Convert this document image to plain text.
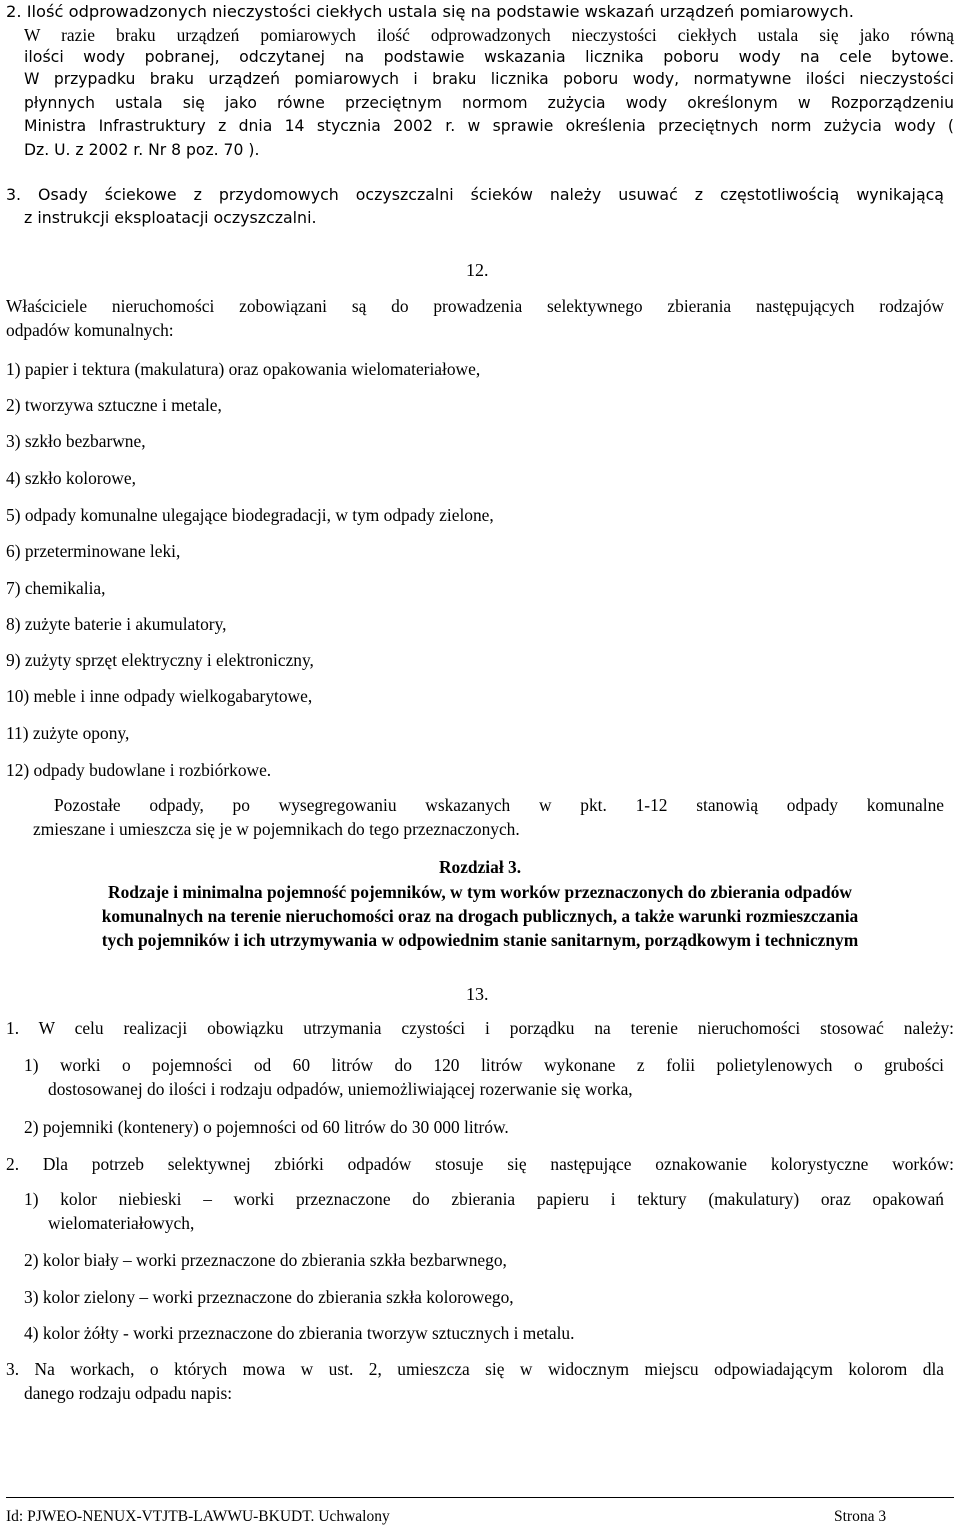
2. Ilość odprowadzonych nieczystości ciekłych ustala się na podstawie wskazań urządzeń pomiarowych.
W razie braku urządzeń pomiarowych ilość odprowadzonych nieczystości ciekłych ustala się jako równą
ilości wody pobranej, odczytanej na podstawie wskazania licznika poboru wody na cele bytowe.
W przypadku braku urządzeń pomiarowych i braku licznika poboru wody, normatywne ilości nieczystości
płynnych ustala się jako równe przeciętnym normom zużycia wody określonym w Rozporządzeniu
Ministra Infrastruktury z dnia 14 stycznia 2002 r. w sprawie określenia przeciętnych norm zużycia wody (
Dz. U. z 2002 r. Nr 8 poz. 70 ).
3. Osady ściekowe z przydomowych oczyszczalni ścieków należy usuwać z częstotliwością wynikającą
z instrukcji eksploatacji oczyszczalni.
12.
Właściciele nieruchomości zobowiązani są do prowadzenia selektywnego zbierania następujących rodzajów
odpadów komunalnych:
1) papier i tektura (makulatura) oraz opakowania wielomateriałowe,
2) tworzywa sztuczne i metale,
3) szkło bezbarwne,
4) szkło kolorowe,
5) odpady komunalne ulegające biodegradacji, w tym odpady zielone,
6) przeterminowane leki,
7) chemikalia,
8) zużyte baterie i akumulatory,
9) zużyty sprzęt elektryczny i elektroniczny,
10) meble i inne odpady wielkogabarytowe,
11) zużyte opony,
12) odpady budowlane i rozbiórkowe.
Pozostałe odpady, po wysegregowaniu wskazanych w pkt. 1-12 stanowią odpady komunalne
zmieszane i umieszcza się je w pojemnikach do tego przeznaczonych.
Rozdział 3.
Rodzaje i minimalna pojemność pojemników, w tym worków przeznaczonych do zbierania odpadów
komunalnych na terenie nieruchomości oraz na drogach publicznych, a także warunki rozmieszczania
tych pojemników i ich utrzymywania w odpowiednim stanie sanitarnym, porządkowym i technicznym
13.
1. W celu realizacji obowiązku utrzymania czystości i porządku na terenie nieruchomości stosować należy:
1) worki o pojemności od 60 litrów do 120 litrów wykonane z folii polietylenowych o grubości
dostosowanej do ilości i rodzaju odpadów, uniemożliwiającej rozerwanie się worka,
2) pojemniki (kontenery) o pojemności od 60 litrów do 30 000 litrów.
2. Dla potrzeb selektywnej zbiórki odpadów stosuje się następujące oznakowanie kolorystyczne worków:
1) kolor niebieski – worki przeznaczone do zbierania papieru i tektury (makulatury) oraz opakowań
wielomateriałowych,
2) kolor biały – worki przeznaczone do zbierania szkła bezbarwnego,
3) kolor zielony – worki przeznaczone do zbierania szkła kolorowego,
4) kolor żółty - worki przeznaczone do zbierania tworzyw sztucznych i metalu.
3. Na workach, o których mowa w ust. 2, umieszcza się w widocznym miejscu odpowiadającym kolorom dla
danego rodzaju odpadu napis:
Id: PJWEO-NENUX-VTJTB-LAWWU-BKUDT. Uchwalony	Strona 3
